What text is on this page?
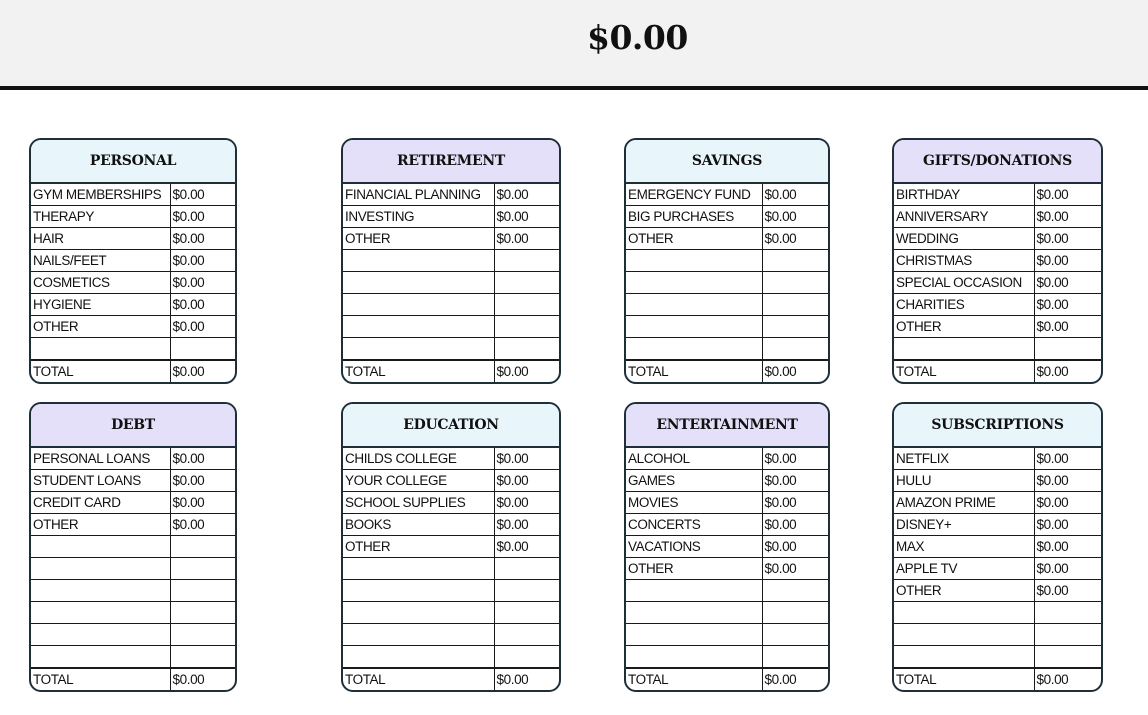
$0.00
PERSONAL
GYM MEMBERSHIPS	$0.00
THERAPY	$0.00
HAIR	$0.00
NAILS/FEET	$0.00
COSMETICS	$0.00
HYGIENE	$0.00
OTHER	$0.00

TOTAL	$0.00
RETIREMENT
FINANCIAL PLANNING	$0.00
INVESTING	$0.00
OTHER	$0.00

TOTAL	$0.00
SAVINGS
EMERGENCY FUND	$0.00
BIG PURCHASES	$0.00
OTHER	$0.00

TOTAL	$0.00
GIFTS/DONATIONS
BIRTHDAY	$0.00
ANNIVERSARY	$0.00
WEDDING	$0.00
CHRISTMAS	$0.00
SPECIAL OCCASION	$0.00
CHARITIES	$0.00
OTHER	$0.00

TOTAL	$0.00
DEBT
PERSONAL LOANS	$0.00
STUDENT LOANS	$0.00
CREDIT CARD	$0.00
OTHER	$0.00

TOTAL	$0.00
EDUCATION
CHILDS COLLEGE	$0.00
YOUR COLLEGE	$0.00
SCHOOL SUPPLIES	$0.00
BOOKS	$0.00
OTHER	$0.00

TOTAL	$0.00
ENTERTAINMENT
ALCOHOL	$0.00
GAMES	$0.00
MOVIES	$0.00
CONCERTS	$0.00
VACATIONS	$0.00
OTHER	$0.00

TOTAL	$0.00
SUBSCRIPTIONS
NETFLIX	$0.00
HULU	$0.00
AMAZON PRIME	$0.00
DISNEY+	$0.00
MAX	$0.00
APPLE TV	$0.00
OTHER	$0.00

TOTAL	$0.00
